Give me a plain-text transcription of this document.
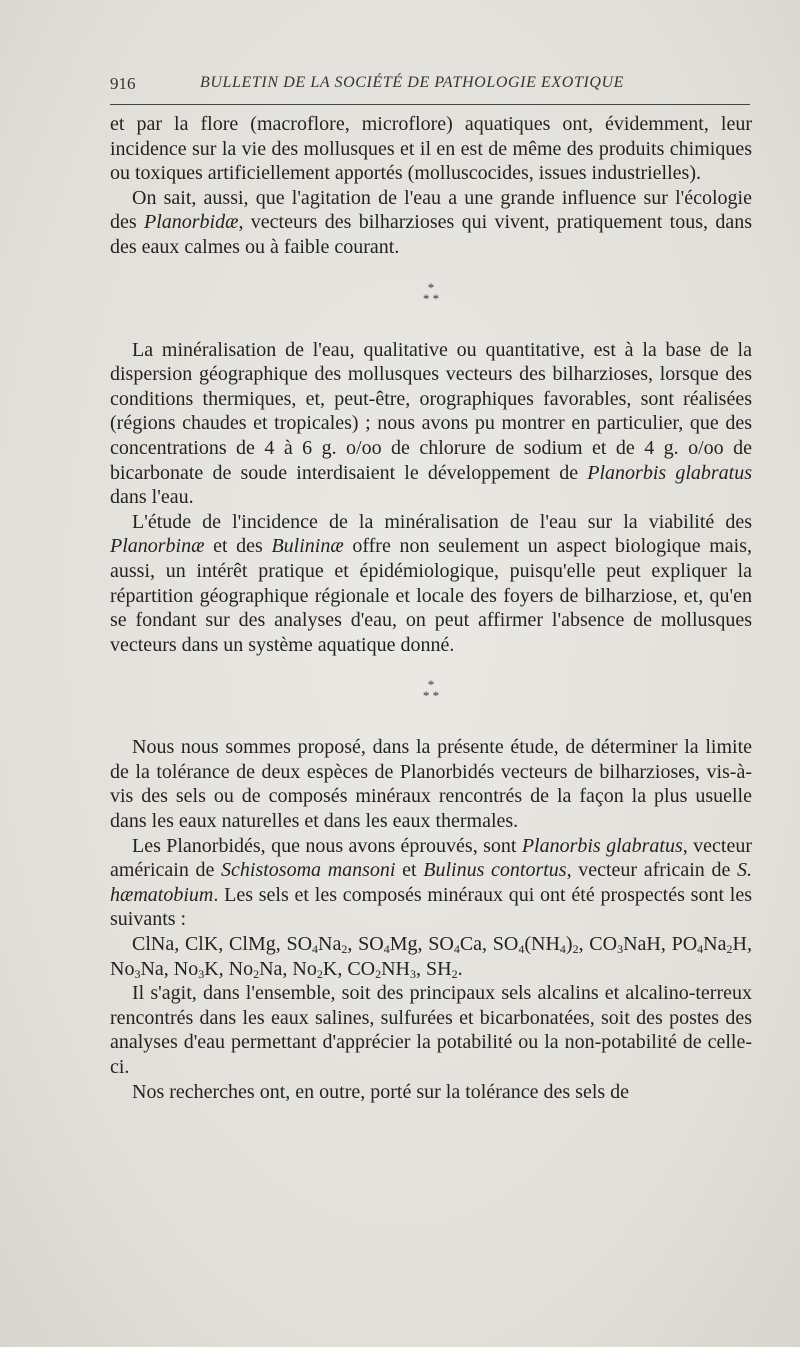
916	BULLETIN DE LA SOCIÉTÉ DE PATHOLOGIE EXOTIQUE

et par la flore (macroflore, microflore) aquatiques ont, évidemment, leur incidence sur la vie des mollusques et il en est de même des produits chimiques ou toxiques artificiellement apportés (molluscocides, issues industrielles).

On sait, aussi, que l'agitation de l'eau a une grande influence sur l'écologie des Planorbidæ, vecteurs des bilharzioses qui vivent, pratiquement tous, dans des eaux calmes ou à faible courant.

*
* *

La minéralisation de l'eau, qualitative ou quantitative, est à la base de la dispersion géographique des mollusques vecteurs des bilharzioses, lorsque des conditions thermiques, et, peut-être, orographiques favorables, sont réalisées (régions chaudes et tropicales) ; nous avons pu montrer en particulier, que des concentrations de 4 à 6 g. o/oo de chlorure de sodium et de 4 g. o/oo de bicarbonate de soude interdisaient le développement de Planorbis glabratus dans l'eau.

L'étude de l'incidence de la minéralisation de l'eau sur la viabilité des Planorbinæ et des Bulininæ offre non seulement un aspect biologique mais, aussi, un intérêt pratique et épidémiologique, puisqu'elle peut expliquer la répartition géographique régionale et locale des foyers de bilharziose, et, qu'en se fondant sur des analyses d'eau, on peut affirmer l'absence de mollusques vecteurs dans un système aquatique donné.

*
* *

Nous nous sommes proposé, dans la présente étude, de déterminer la limite de la tolérance de deux espèces de Planorbidés vecteurs de bilharzioses, vis-à-vis des sels ou de composés minéraux rencontrés de la façon la plus usuelle dans les eaux naturelles et dans les eaux thermales.

Les Planorbidés, que nous avons éprouvés, sont Planorbis glabratus, vecteur américain de Schistosoma mansoni et Bulinus contortus, vecteur africain de S. hæmatobium. Les sels et les composés minéraux qui ont été prospectés sont les suivants :

ClNa, ClK, ClMg, $SO_4Na_2$, $SO_4Mg$, $SO_4Ca$, $SO_4(NH_4)_2$, $CO_3NaH$, $PO_4Na_2H$, $No_3Na$, $No_3K$, $No_2Na$, $No_2K$, $CO_2NH_3$, $SH_2$.

Il s'agit, dans l'ensemble, soit des principaux sels alcalins et alcalino-terreux rencontrés dans les eaux salines, sulfurées et bicarbonatées, soit des postes des analyses d'eau permettant d'apprécier la potabilité ou la non-potabilité de celle-ci.

Nos recherches ont, en outre, porté sur la tolérance des sels de
